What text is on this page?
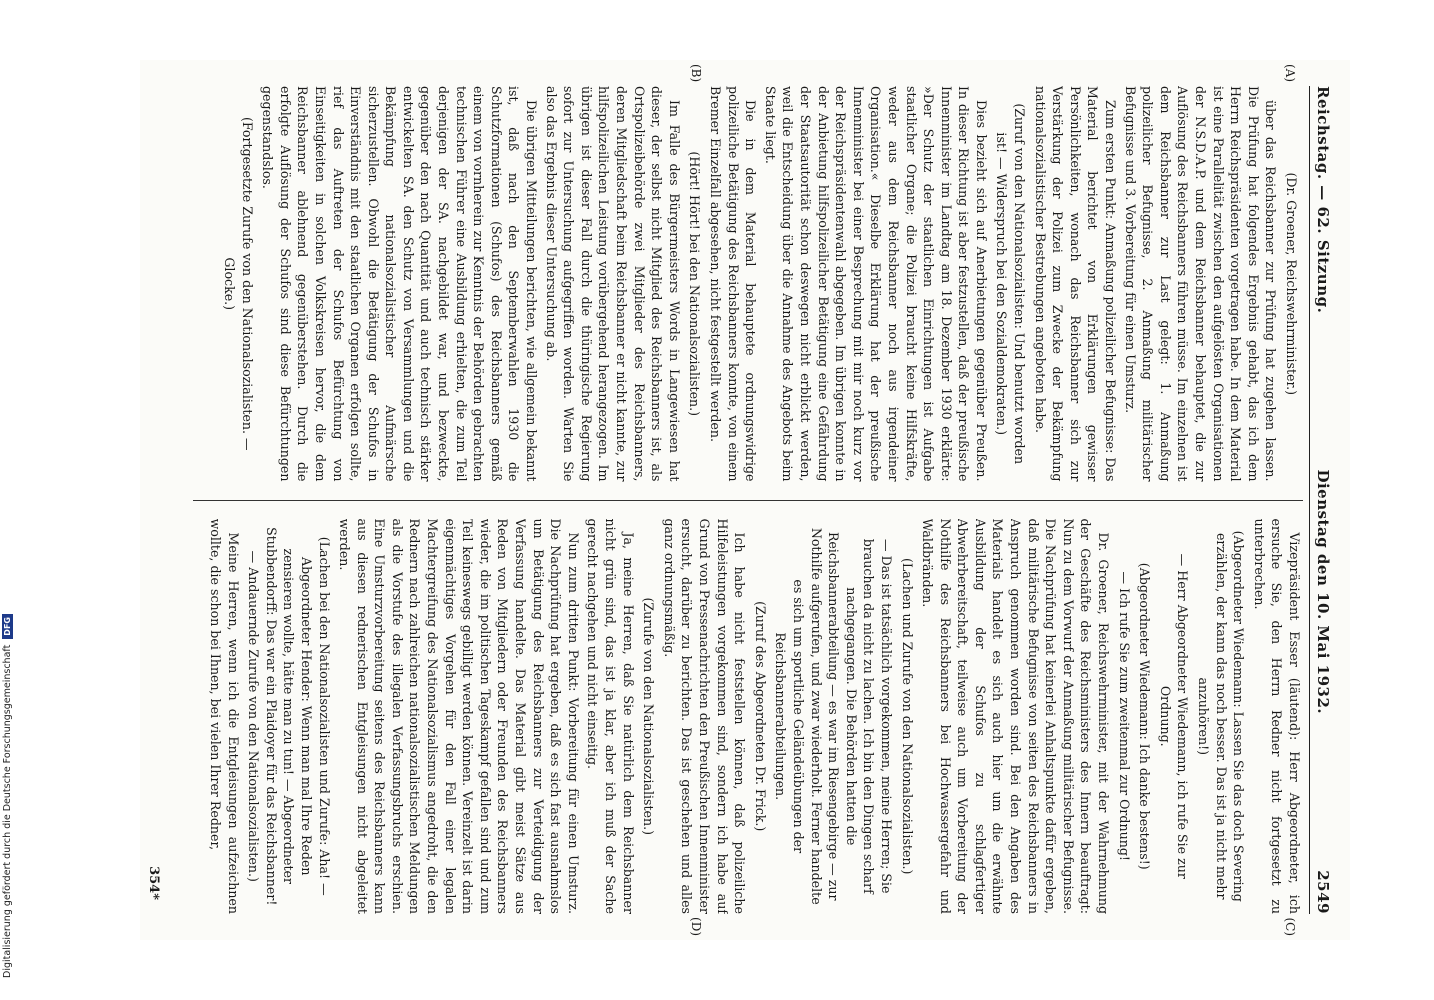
Reichstag. — 62. Sitzung.
Dienstag den 10. Mai 1932.
2549

(Dr. Groener, Reichswehrminister.)

über das Reichsbanner zur Prüfung hat zugehen lassen. Die Prüfung hat folgendes Ergebnis gehabt, das ich dem Herrn Reichspräsidenten vorgetragen habe. In dem Material ist eine Parallelität zwischen den aufgelösten Organisationen der N.S.D.A.P. und dem Reichsbanner behauptet, die zur Auflösung des Reichsbanners führen müsse. Im einzelnen ist dem Reichsbanner zur Last gelegt: 1. Anmaßung polizeilicher Befugnisse, 2. Anmaßung militärischer Befugnisse und 3. Vorbereitung für einen Umsturz.

Zum ersten Punkt: Anmaßung polizeilicher Befugnisse: Das Material berichtet von Erklärungen gewisser Persönlichkeiten, wonach das Reichsbanner sich zur Verstärkung der Polizei zum Zwecke der Bekämpfung nationalsozialistischer Bestrebungen angeboten habe.

(Zuruf von den Nationalsozialisten: Und benutzt worden ist! — Widerspruch bei den Sozialdemokraten.)

Dies bezieht sich auf Anerbietungen gegenüber Preußen. In dieser Richtung ist aber festzustellen, daß der preußische Innenminister im Landtag am 18. Dezember 1930 erklärte: »Der Schutz der staatlichen Einrichtungen ist Aufgabe staatlicher Organe; die Polizei braucht keine Hilfskräfte, weder aus dem Reichsbanner noch aus irgendeiner Organisation.« Dieselbe Erklärung hat der preußische Innenminister bei einer Besprechung mit mir noch kurz vor der Reichspräsidentenwahl abgegeben. Im übrigen konnte in der Anbietung hilfspolizeilicher Betätigung eine Gefährdung der Staatsautorität schon deswegen nicht erblickt werden, weil die Entscheidung über die Annahme des Angebots beim Staate liegt.

Die in dem Material behauptete ordnungswidrige polizeiliche Betätigung des Reichsbanners konnte, von einem Bremer Einzelfall abgesehen, nicht festgestellt werden.

(Hört! Hört! bei den Nationalsozialisten.)

Im Falle des Bürgermeisters Words in Langewiesen hat dieser, der selbst nicht Mitglied des Reichsbanners ist, als Ortspolizeibehörde zwei Mitglieder des Reichsbanners, deren Mitgliedschaft beim Reichsbanner er nicht kannte, zur hilfspolizeilichen Leistung vorübergehend herangezogen. Im übrigen ist dieser Fall durch die thüringische Regierung sofort zur Untersuchung aufgegriffen worden. Warten Sie also das Ergebnis dieser Untersuchung ab.

Die übrigen Mitteilungen berichten, wie allgemein bekannt ist, daß nach den Septemberwahlen 1930 die Schutzformationen (Schufos) des Reichsbanners gemäß einem von vornherein zur Kenntnis der Behörden gebrachten technischen Führer eine Ausbildung erhielten, die zum Teil derjenigen der SA. nachgebildet war, und bezweckte, gegenüber den nach Quantität und auch technisch stärker entwickelten SA. den Schutz von Versammlungen und die Bekämpfung nationalsozialistischer Aufmärsche sicherzustellen. Obwohl die Betätigung der Schufos in Einverständnis mit den staatlichen Organen erfolgen sollte, rief das Auftreten der Schufos Befürchtung von Einseitigkeiten in solchen Volkskreisen hervor, die dem Reichsbanner ablehnend gegenüberstehen. Durch die erfolgte Auflösung der Schufos sind diese Befürchtungen gegenstandslos.

(Fortgesetzte Zurufe von den Nationalsozialisten. — Glocke.)

Vizepräsident Esser (läutend): Herr Abgeordneter, ich ersuche Sie, den Herrn Redner nicht fortgesetzt zu unterbrechen.

(Abgeordneter Wiedemann: Lassen Sie das doch Severing erzählen, der kann das noch besser. Das ist ja nicht mehr anzuhören!)

— Herr Abgeordneter Wiedemann, ich rufe Sie zur Ordnung.

(Abgeordneter Wiedemann: Ich danke bestens!)

— Ich rufe Sie zum zweitenmal zur Ordnung!

Dr. Groener, Reichswehrminister, mit der Wahrnehmung der Geschäfte des Reichsministers des Innern beauftragt: Nun zu dem Vorwurf der Anmaßung militärischer Befugnisse. Die Nachprüfung hat keinerlei Anhaltspunkte dafür ergeben, daß militärische Befugnisse von seiten des Reichsbanners in Anspruch genommen worden sind. Bei den Angaben des Materials handelt es sich auch hier um die erwähnte Ausbildung der Schufos zu schlagfertiger Abwehrbereitschaft, teilweise auch um Vorbereitung der Nothilfe des Reichsbanners bei Hochwassergefahr und Waldbränden.

(Lachen und Zurufe von den Nationalsozialisten.)

— Das ist tatsächlich vorgekommen, meine Herren; Sie brauchen da nicht zu lachen. Ich bin den Dingen scharf nachgegangen. Die Behörden hatten die Reichsbannerabteilung — es war im Riesengebirge — zur Nothilfe aufgerufen, und zwar wiederholt. Ferner handelte es sich um sportliche Geländeübungen der Reichsbannerabteilungen.

(Zuruf des Abgeordneten Dr. Frick.)

Ich habe nicht feststellen können, daß polizeiliche Hilfeleistungen vorgekommen sind, sondern ich habe auf Grund von Pressenachrichten den Preußischen Innenminister ersucht, darüber zu berichten. Das ist geschehen und alles ganz ordnungsmäßig.

(Zurufe von den Nationalsozialisten.)

Ja, meine Herren, daß Sie natürlich dem Reichsbanner nicht grün sind, das ist ja klar, aber ich muß der Sache gerecht nachgehen und nicht einseitig.

Nun zum dritten Punkt: Vorbereitung für einen Umsturz. Die Nachprüfung hat ergeben, daß es sich fast ausnahmslos um Betätigung des Reichsbanners zur Verteidigung der Verfassung handelte. Das Material gibt meist Sätze aus Reden von Mitgliedern oder Freunden des Reichsbanners wieder, die im politischen Tageskampf gefallen sind und zum Teil keineswegs gebilligt werden können. Vereinzelt ist darin eigenmächtiges Vorgehen für den Fall einer legalen Machtergreifung des Nationalsozialismus angedroht, die den Rednern nach zahlreichen nationalsozialistischen Meldungen als die Vorstufe des illegalen Verfassungsbruchs erschien. Eine Umsturzvorbereitung seitens des Reichsbanners kann aus diesen rednerischen Entgleisungen nicht abgeleitet werden.

(Lachen bei den Nationalsozialisten und Zurufe: Aha! — Abgeordneter Hender: Wenn man mal Ihre Reden zensieren wollte, hätte man zu tun! — Abgeordneter Stubbendorff: Das war ein Plaidoyer für das Reichsbanner! — Andauernde Zurufe von den Nationalsozialisten.)

Meine Herren, wenn ich die Entgleisungen aufzeichnen wollte, die schon bei Ihnen, bei vielen Ihrer Redner,

(A)
(B)
(C)
(D)
354*
Digitalisierung gefördert durch die Deutsche Forschungsgemeinschaft
DFG
